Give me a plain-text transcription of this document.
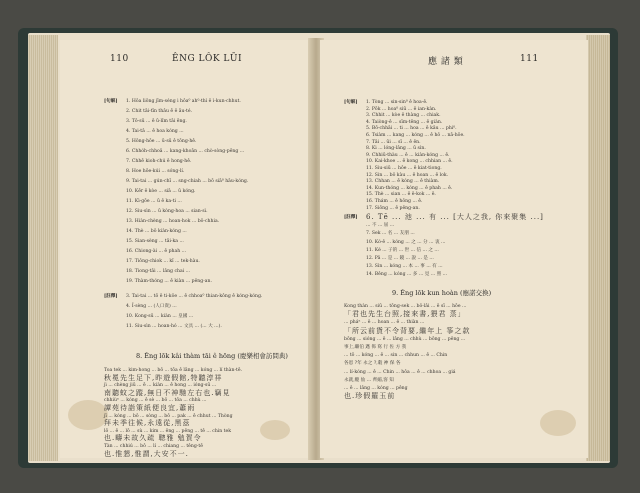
110	ÊNG LÔK LŪI
[句解] 1. Hôa liông jīm-séng i hôa⁰ ah⁰-thì ê ì-kun-chhut.
2. Chit tāi-tīn thâu ē ê āu-té.
3. Tō-sū ... ê ū-lîm tāi ēng.
4. Tai-tâ ... ê hoa kóng ...
5. Hông-hōe ... ū-sū ê tōng-hê.
6. Chhóh-chhoâ ... kang-khoān ... chò-sòng-pēng ...
7. Chhē kioh-chú ê hong-hê.
8. Hoe hōe-kúi ... sóng-lí.
9. Tai-tai ... gún-chī ... sng-chiah ... bō siā⁰ hāu-kóng.
10. Kēr ê kòe ... siā ... ū kóng.
11. Kì-gōe ... ū ê ka-ti ...
12. Siu-sìn ... ū kòng-hoa ... sian-sì.
13. Hiàn-chèng ... hoan-hok ... bô-chhia.
14. Thè ... bô kiàn-kóng ...
15. Sian-sèng ... tāi-ka ...
16. Chiong-ài ... ê phah ...
17. Tiông-chiok ... kî ... tek-hàu.
18. Tiong-tāi ... lâng chai ...
19. Thàm-thóng ... ê kiàn ... pêng-an.
[註釋] 3. Tai-tai ... tō ê ti-kôe ... ê chhoa⁰ thian-kông ê kóng-kóng.
4. Ī-sèng ... (人口貴) ...
10. Kong-sū ... kiàn ... 皇國 ...
11. Siu-sìn ... hoan-hó ... 文具 ... (... 大 ...).
8. Êng lōk kâi thàm tāi ê hōng (慶樂相會訪問典)
Toa tek ... kim-hong ... bô ... tōa ê lāng ... kóng ... lí thàn-tē.
秋冕先生足下,昨遊假館,特聽淳祥
jì ... chèng jiū ... ē ... kiàn ... ê hong ... ióng-sū ...
南聽蚊之蹤,無日不神馳左右也.竊見
chhiùⁿ ... kóng ... ê sè ... bô ... tōa ... chhù ...
譚苑待詣策紙便良宜,蕭雨
jī ... kóng ... bô ... sòng ... bô ... pak ... ê chhut ... Thòng
拜未季往候,永遠從,黑茲
lō ... ê ... lō ... sù ... kim ... êng ... pêng ... tê ... chin tek
也.疇未故久疏 聰雅 勉賀令
Tàn ... chhiú ... bô ... lí ... chiang ... têng-tē
也.惟懇,惟謂,大安不一.
應 諸 類	111
[句解] 1. Tòng ... sin-sin⁰ ê hoa-ê.
2. Pōk ... hoa⁰ siū ... ê ian-kàn.
3. Chhit ... kòe ê thàng ... chiak.
4. Taiòng-ê ... sīm-tēng ... ê giàn.
5. Bō-chhāi ... ti ... hoa ... ê kâu ... phi⁰.
6. Tsiàm ... kang ... kóng ... ê hô ... nā-hōe.
7. Tāi ... ūi ... sī ... ê ên.
8. Ki ... lóng-lâng ... ū sìn.
9. Chhiū-thàu ... ê ... kiàn-kóng ... ê.
10. Kai-khoe ... ê kong ... chhian ... ê.
11. Siu-siū ... hôe ... ê kiat-tiong.
12. Sin ... bô kàu ... ê hoan ... ê lok.
13. Chhan ... ē kóng ... ê thiàm.
14. Kun-thóng ... kóng ... ê phah ... ê.
15. Thè ... sian ... ê ê-kok ... ê.
16. Thám ... ê hông ... ê.
17. Siōng ... ê pêng-an.
[註釋] 6. Tē ... 池 ... 有 ... [大人之我, 你來聚集 ...]
... 不 ... 屈 ...
7. Sek ... 名 ... 友朋 ...
10. Kó-ê ... kóng ... 之 ... 分 ... 衷 ...
11. Ké ... 子的 ... 世 ... 信 ... 之 ...
12. Pâ ... 是 ... 鏡 ... 說 ... 是 ...
13. Sìn ... kóng ... 本 ... 事 ... 有 ...
14. Bêng ... kóng ... 多 ... 見 ... 照 ...
9. Êng lōk kun hoàn (應諾交換)
Kong thàn ... siū ... tōng-sek ... bô-lâi ... ê sī ... hōe ...
「君也先生台照,接來書,猥君 蒸」
... pháⁿ ... ê ... hoan ... ê ... thiàn ...
「所云前貨不令背要,繼年上 筝之款
bōng ... sióng ... ê ... lâng ... chhù ... bōng ... pêng ...
事上,繼伯 邁 佈 寫 行 佐 方 我
... tō ... kóng ... ê ... sin ... chhun ... ê ... Chin
各恩 ?年 永之 ?,穀 神 保 各
... lí-kóng ... ê ... Chin ... hôa ... ê ... chhoa ... giá
永就,縱 仙 ... 齊縮,客 知
... ê ... lâng ... kóng ... pêng
也.珍假羅玉前
